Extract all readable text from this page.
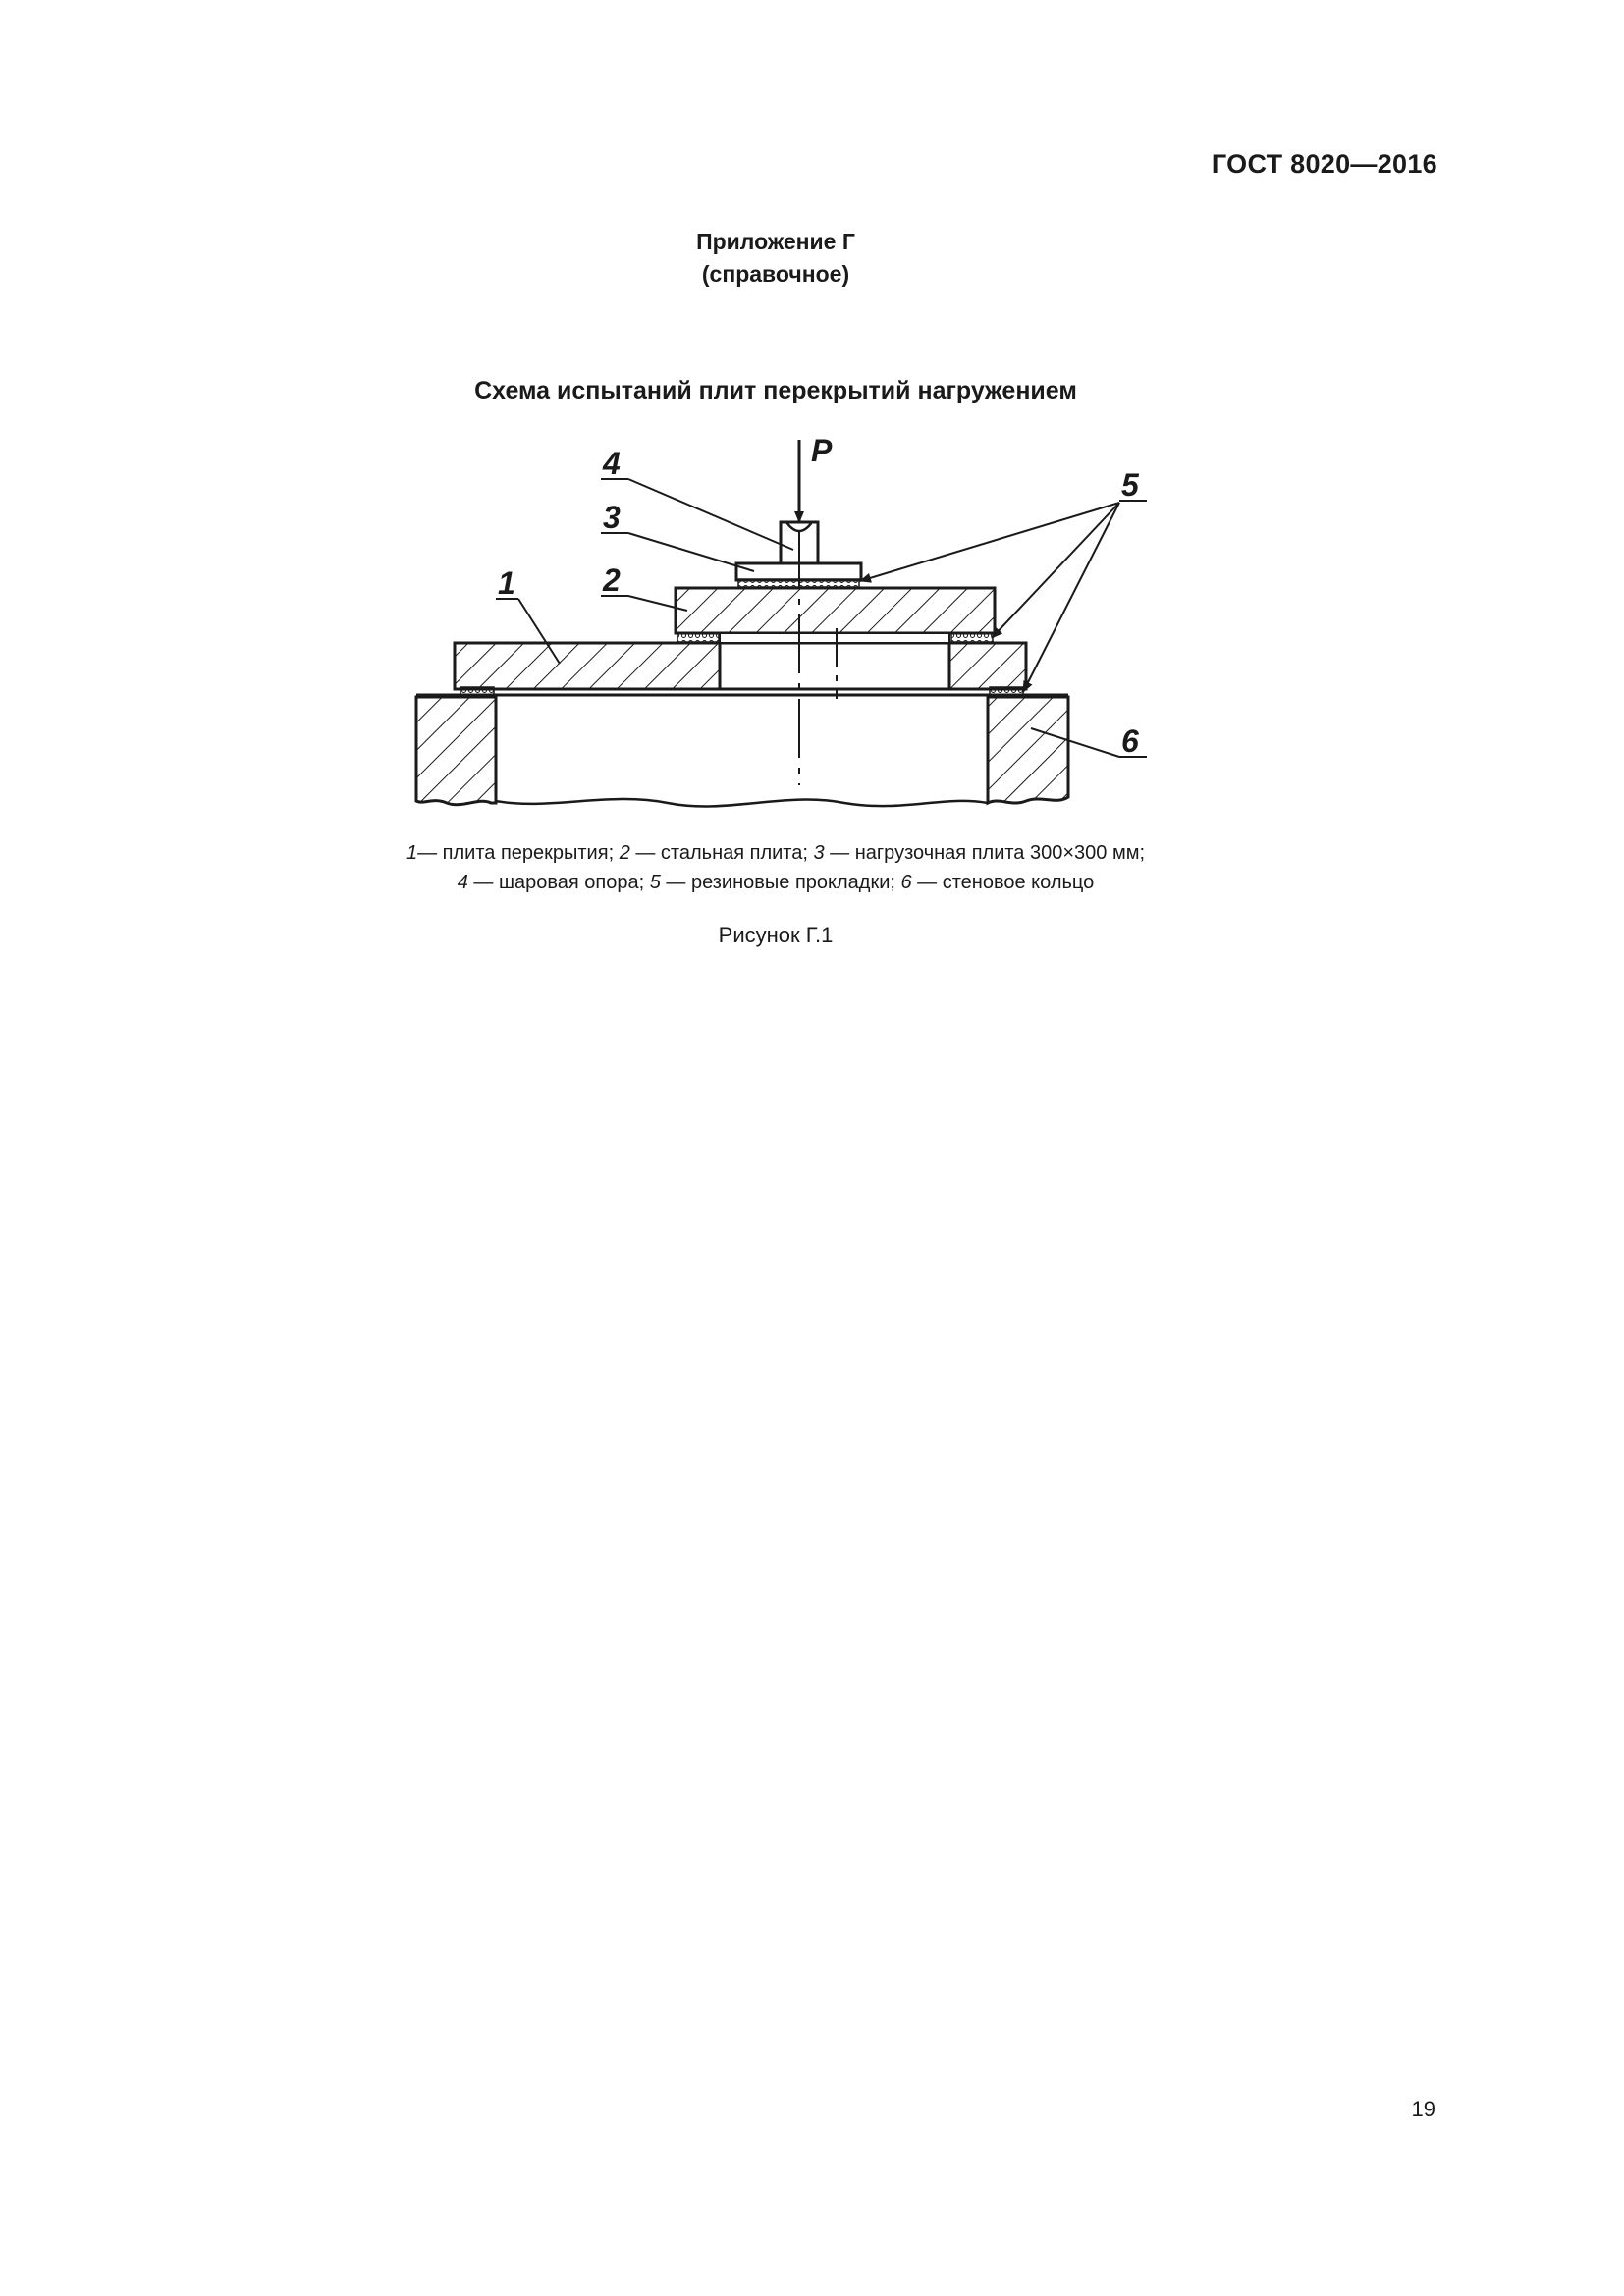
ГОСТ 8020—2016
Приложение Г
(справочное)
Схема испытаний плит перекрытий нагружением
P
1	2
3
4
5
6
1— плита перекрытия; 2 — стальная плита; 3 — нагрузочная плита 300×300 мм;
4 — шаровая опора; 5 — резиновые прокладки; 6 — стеновое кольцо
Рисунок Г.1
19
